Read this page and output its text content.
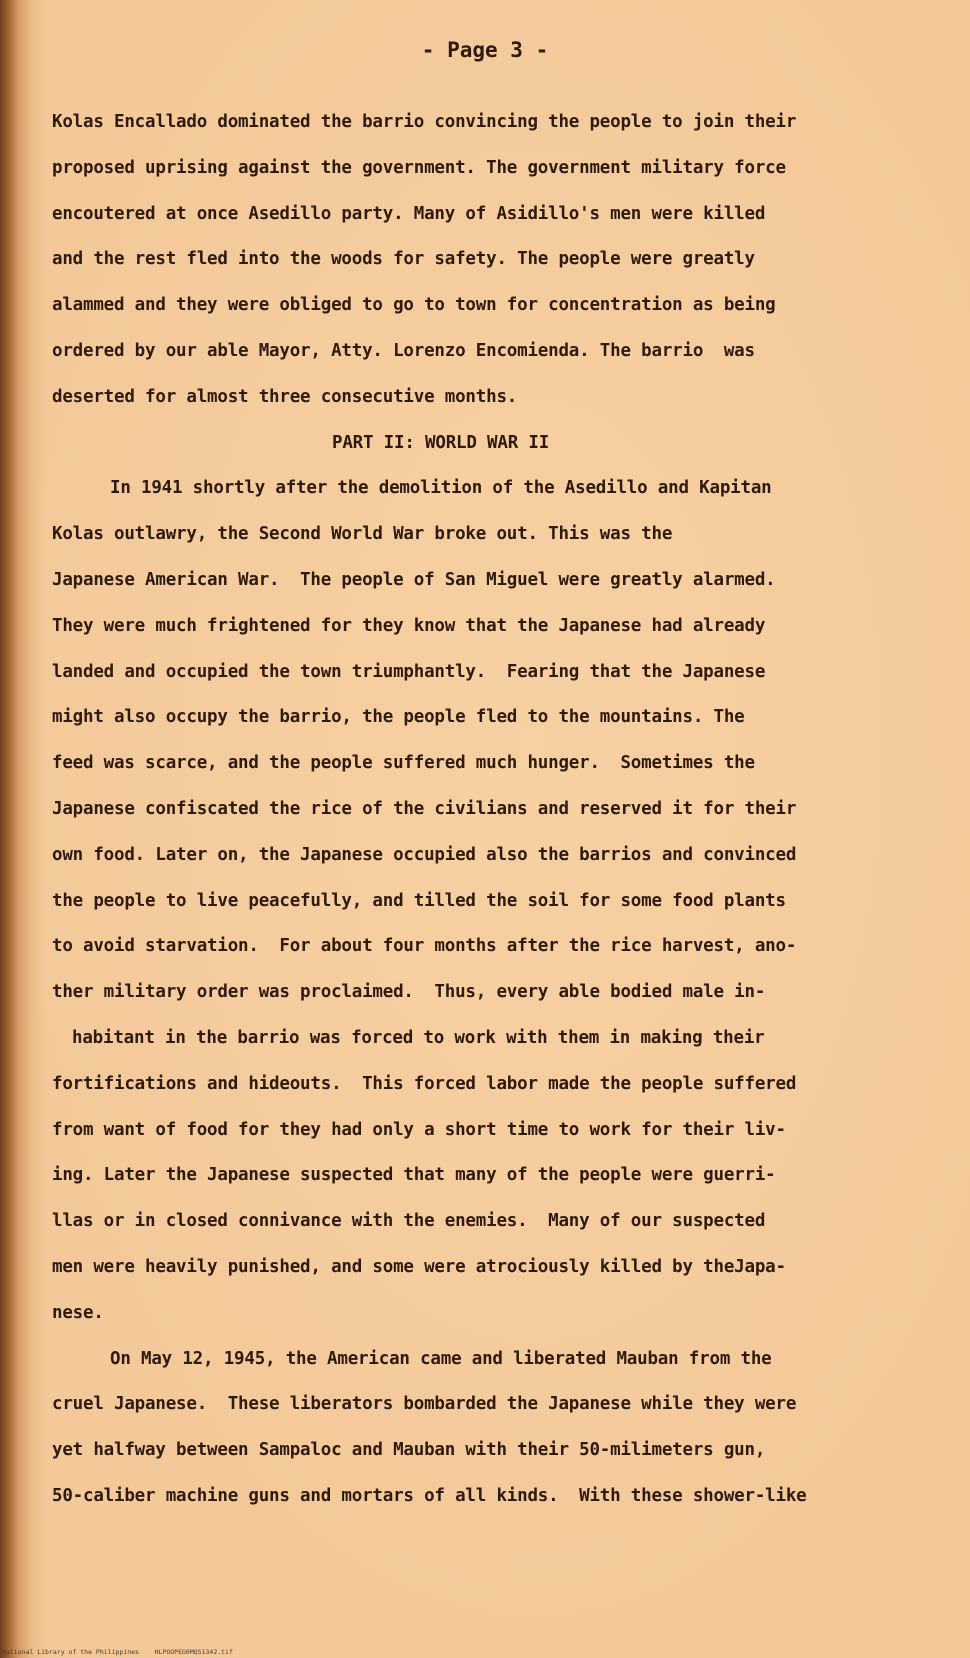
- Page 3 -
Kolas Encallado dominated the barrio convincing the people to join their
proposed uprising against the government. The government military force
encoutered at once Asedillo party. Many of Asidillo's men were killed
and the rest fled into the woods for safety. The people were greatly
alammed and they were obliged to go to town for concentration as being
ordered by our able Mayor, Atty. Lorenzo Encomienda. The barrio  was
deserted for almost three consecutive months.
PART II: WORLD WAR II
In 1941 shortly after the demolition of the Asedillo and Kapitan
Kolas outlawry, the Second World War broke out. This was the
Japanese American War.  The people of San Miguel were greatly alarmed.
They were much frightened for they know that the Japanese had already
landed and occupied the town triumphantly.  Fearing that the Japanese
might also occupy the barrio, the people fled to the mountains. The
feed was scarce, and the people suffered much hunger.  Sometimes the
Japanese confiscated the rice of the civilians and reserved it for their
own food. Later on, the Japanese occupied also the barrios and convinced
the people to live peacefully, and tilled the soil for some food plants
to avoid starvation.  For about four months after the rice harvest, ano-
ther military order was proclaimed.  Thus, every able bodied male in-
habitant in the barrio was forced to work with them in making their
fortifications and hideouts.  This forced labor made the people suffered
from want of food for they had only a short time to work for their liv-
ing. Later the Japanese suspected that many of the people were guerri-
llas or in closed connivance with the enemies.  Many of our suspected
men were heavily punished, and some were atrociously killed by theJapa-
nese.
On May 12, 1945, the American came and liberated Mauban from the
cruel Japanese.  These liberators bombarded the Japanese while they were
yet halfway between Sampaloc and Mauban with their 50-milimeters gun,
50-caliber machine guns and mortars of all kinds.  With these shower-like
National Library of the Philippines    HLPOOPEG0MQ51342.tif
